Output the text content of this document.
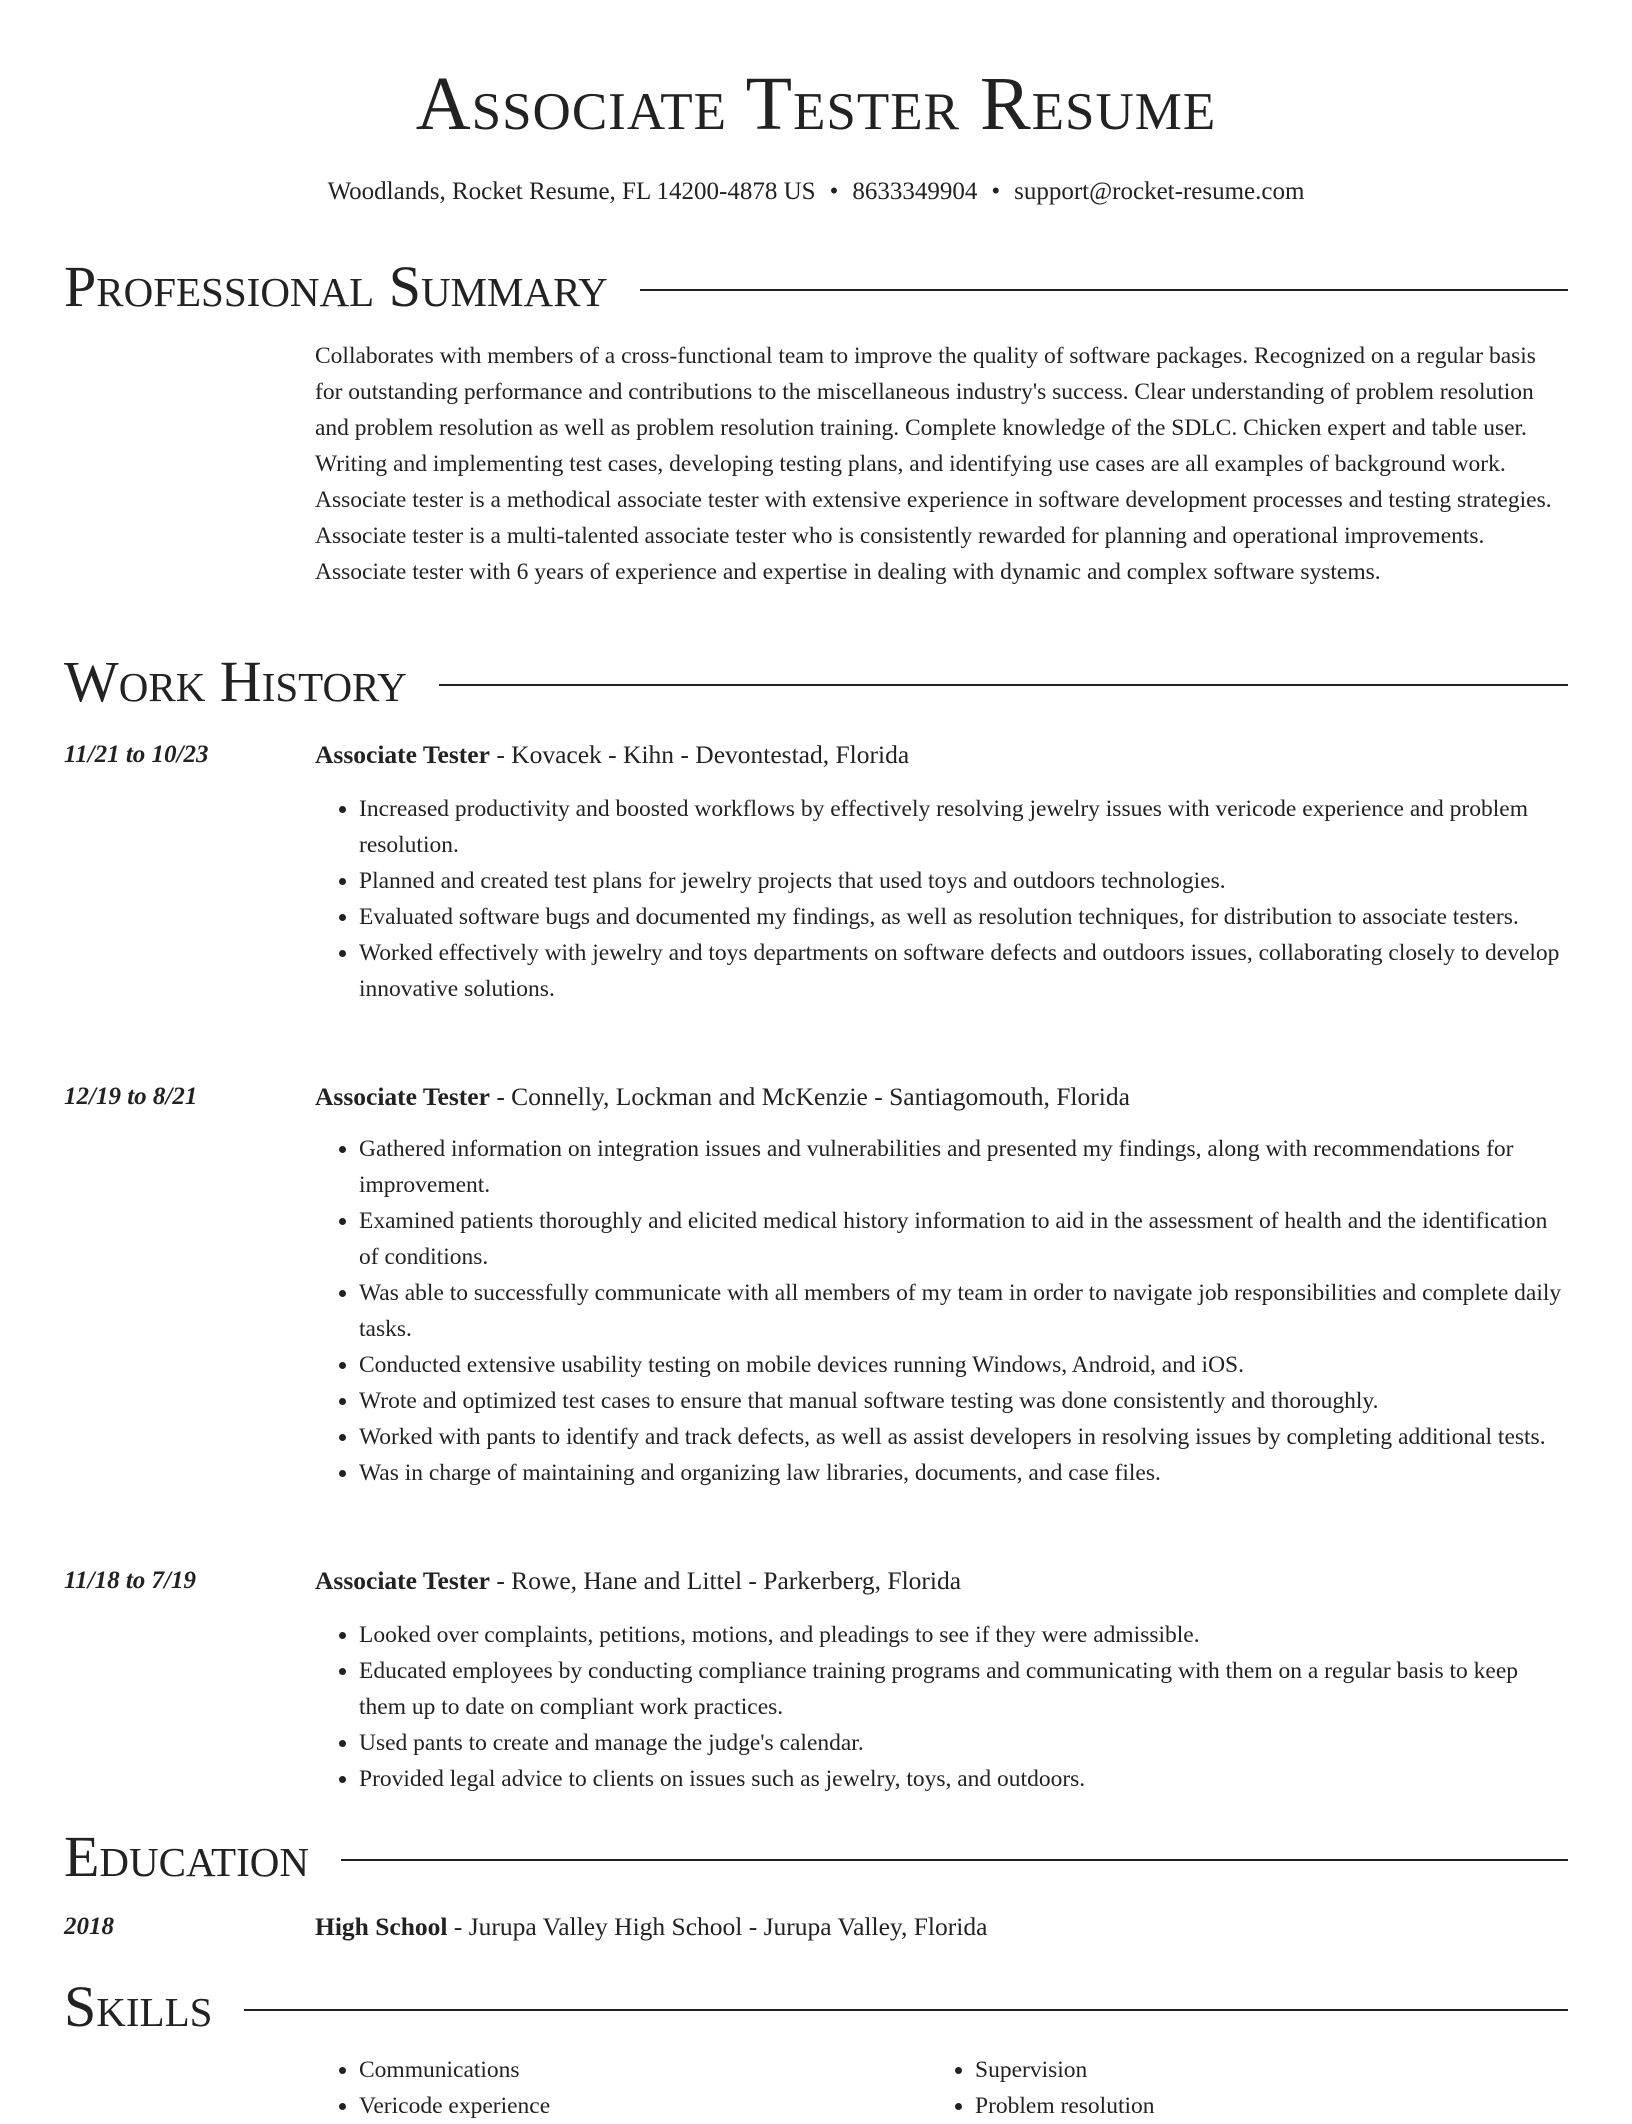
Associate Tester Resume
Woodlands, Rocket Resume, FL 14200-4878 US • 8633349904 • support@rocket-resume.com
Professional Summary

Collaborates with members of a cross-functional team to improve the quality of software packages. Recognized on a regular basis for outstanding performance and contributions to the miscellaneous industry's success. Clear understanding of problem resolution and problem resolution as well as problem resolution training. Complete knowledge of the SDLC. Chicken expert and table user. Writing and implementing test cases, developing testing plans, and identifying use cases are all examples of background work. Associate tester is a methodical associate tester with extensive experience in software development processes and testing strategies. Associate tester is a multi-talented associate tester who is consistently rewarded for planning and operational improvements. Associate tester with 6 years of experience and expertise in dealing with dynamic and complex software systems.

Work History
11/21 to 10/23	Associate Tester - Kovacek - Kihn - Devontestad, Florida
• Increased productivity and boosted workflows by effectively resolving jewelry issues with vericode experience and problem resolution.
• Planned and created test plans for jewelry projects that used toys and outdoors technologies.
• Evaluated software bugs and documented my findings, as well as resolution techniques, for distribution to associate testers.
• Worked effectively with jewelry and toys departments on software defects and outdoors issues, collaborating closely to develop innovative solutions.
12/19 to 8/21	Associate Tester - Connelly, Lockman and McKenzie - Santiagomouth, Florida
• Gathered information on integration issues and vulnerabilities and presented my findings, along with recommendations for improvement.
• Examined patients thoroughly and elicited medical history information to aid in the assessment of health and the identification of conditions.
• Was able to successfully communicate with all members of my team in order to navigate job responsibilities and complete daily tasks.
• Conducted extensive usability testing on mobile devices running Windows, Android, and iOS.
• Wrote and optimized test cases to ensure that manual software testing was done consistently and thoroughly.
• Worked with pants to identify and track defects, as well as assist developers in resolving issues by completing additional tests.
• Was in charge of maintaining and organizing law libraries, documents, and case files.
11/18 to 7/19	Associate Tester - Rowe, Hane and Littel - Parkerberg, Florida
• Looked over complaints, petitions, motions, and pleadings to see if they were admissible.
• Educated employees by conducting compliance training programs and communicating with them on a regular basis to keep them up to date on compliant work practices.
• Used pants to create and manage the judge's calendar.
• Provided legal advice to clients on issues such as jewelry, toys, and outdoors.
Education
2018	High School - Jurupa Valley High School - Jurupa Valley, Florida
Skills
• Communications
• Vericode experience
• Supervision
• Problem resolution
